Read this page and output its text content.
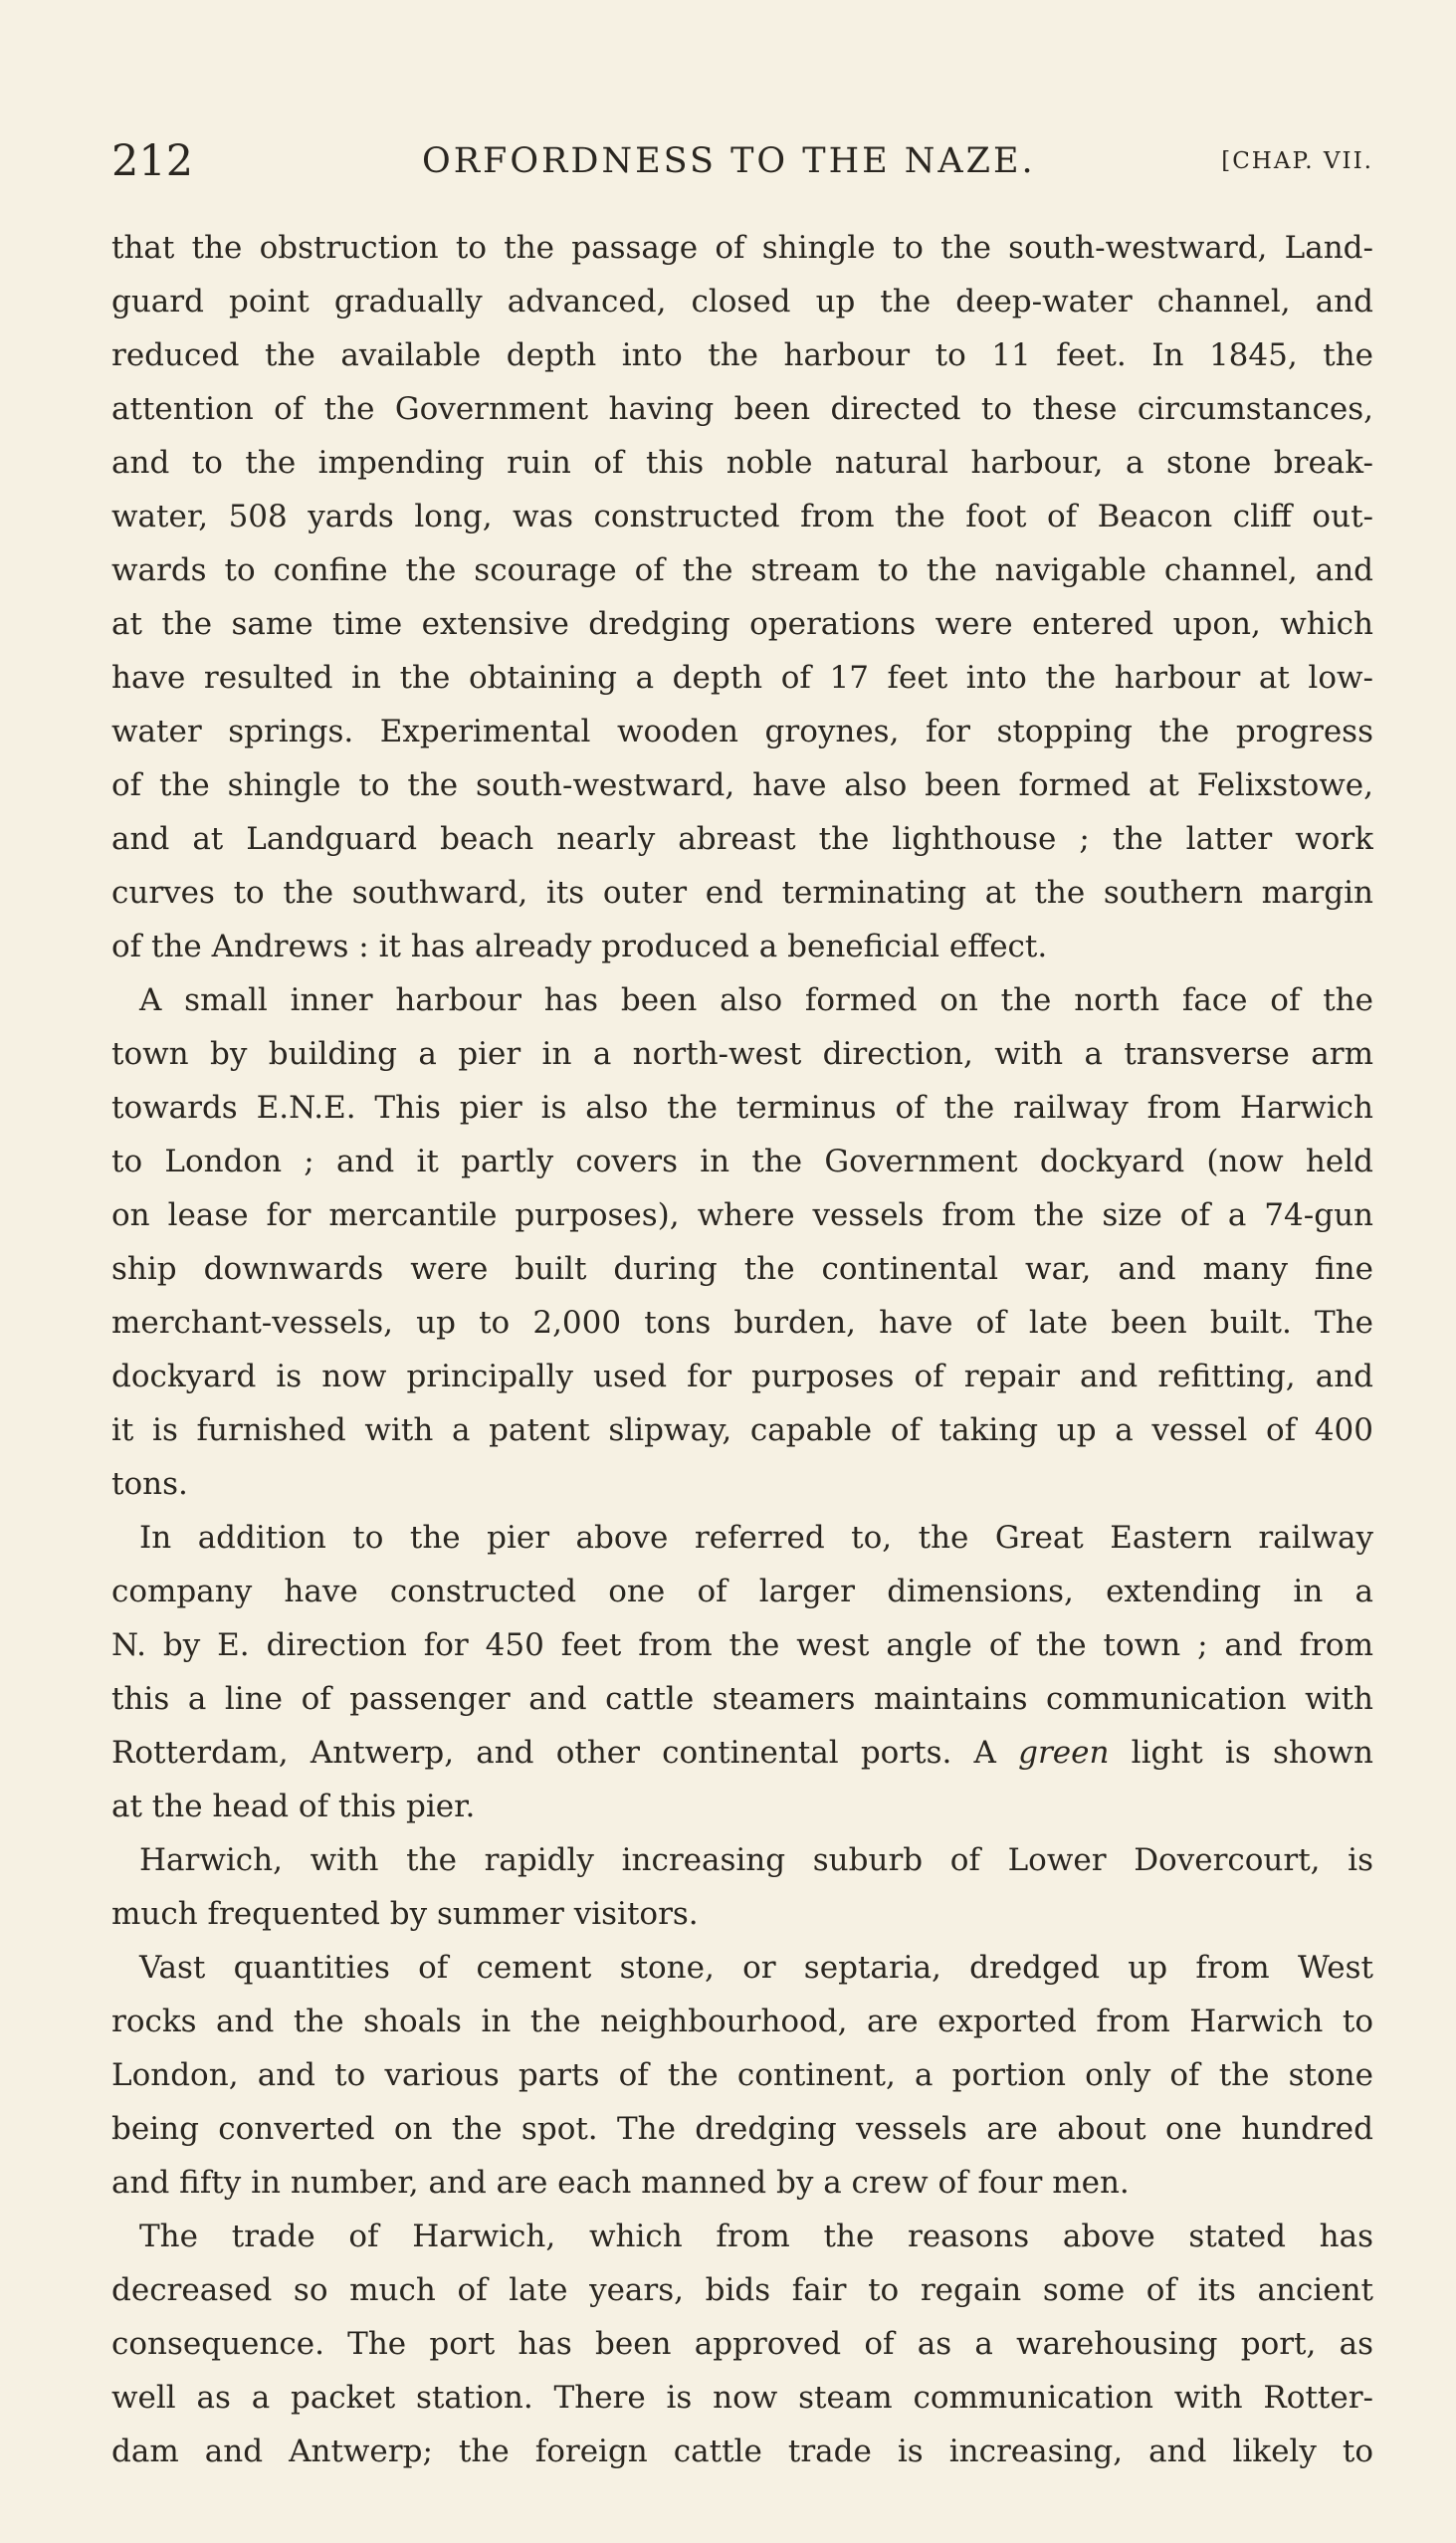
212	ORFORDNESS TO THE NAZE.	[CHAP. VII.
that the obstruction to the passage of shingle to the south-westward, Land-
guard point gradually advanced, closed up the deep-water channel, and
reduced the available depth into the harbour to 11 feet. In 1845, the
attention of the Government having been directed to these circumstances,
and to the impending ruin of this noble natural harbour, a stone break-
water, 508 yards long, was constructed from the foot of Beacon cliff out-
wards to confine the scourage of the stream to the navigable channel, and
at the same time extensive dredging operations were entered upon, which
have resulted in the obtaining a depth of 17 feet into the harbour at low-
water springs. Experimental wooden groynes, for stopping the progress
of the shingle to the south-westward, have also been formed at Felixstowe,
and at Landguard beach nearly abreast the lighthouse ; the latter work
curves to the southward, its outer end terminating at the southern margin
of the Andrews : it has already produced a beneficial effect.
A small inner harbour has been also formed on the north face of the
town by building a pier in a north-west direction, with a transverse arm
towards E.N.E. This pier is also the terminus of the railway from Harwich
to London ; and it partly covers in the Government dockyard (now held
on lease for mercantile purposes), where vessels from the size of a 74-gun
ship downwards were built during the continental war, and many fine
merchant-vessels, up to 2,000 tons burden, have of late been built. The
dockyard is now principally used for purposes of repair and refitting, and
it is furnished with a patent slipway, capable of taking up a vessel of 400
tons.
In addition to the pier above referred to, the Great Eastern railway
company have constructed one of larger dimensions, extending in a
N. by E. direction for 450 feet from the west angle of the town ; and from
this a line of passenger and cattle steamers maintains communication with
Rotterdam, Antwerp, and other continental ports. A green light is shown
at the head of this pier.
Harwich, with the rapidly increasing suburb of Lower Dovercourt, is
much frequented by summer visitors.
Vast quantities of cement stone, or septaria, dredged up from West
rocks and the shoals in the neighbourhood, are exported from Harwich to
London, and to various parts of the continent, a portion only of the stone
being converted on the spot. The dredging vessels are about one hundred
and fifty in number, and are each manned by a crew of four men.
The trade of Harwich, which from the reasons above stated has
decreased so much of late years, bids fair to regain some of its ancient
consequence. The port has been approved of as a warehousing port, as
well as a packet station. There is now steam communication with Rotter-
dam and Antwerp; the foreign cattle trade is increasing, and likely to
